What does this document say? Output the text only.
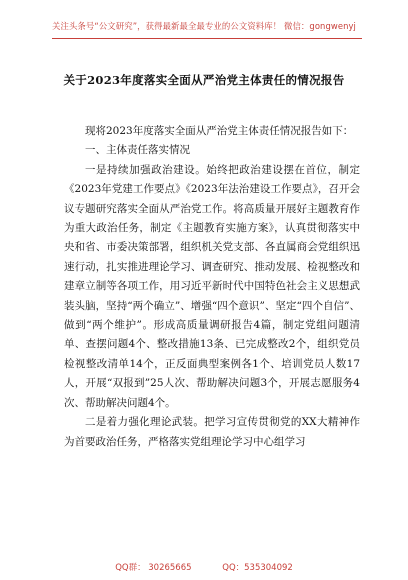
关注头条号“公文研究”，获得最新最全最专业的公文资料库！ 微信：gongwenyj
关于2023年度落实全面从严治党主体责任的情况报告

现将2023年度落实全面从严治党主体责任情况报告如下：

一、主体责任落实情况

一是持续加强政治建设。始终把政治建设摆在首位，制定《2023年党建工作要点》《2023年法治建设工作要点》，召开会议专题研究落实全面从严治党工作。将高质量开展好主题教育作为重大政治任务，制定《主题教育实施方案》，认真贯彻落实中央和省、市委决策部署，组织机关党支部、各直属商会党组织迅速行动，扎实推进理论学习、调查研究、推动发展、检视整改和建章立制等各项工作，用习近平新时代中国特色社会主义思想武装头脑，坚持“两个确立”、增强“四个意识”、坚定“四个自信”、做到“两个维护”。形成高质量调研报告4篇，制定党组问题清单、查摆问题4个、整改措施13条、已完成整改2个，组织党员检视整改清单14个，正反面典型案例各1个、培训党员人数17人，开展“双报到”25人次、帮助解决问题3个，开展志愿服务4次、帮助解决问题4个。

二是着力强化理论武装。把学习宣传贯彻党的XX大精神作为首要政治任务，严格落实党组理论学习中心组学习

QQ群： 30265665	QQ：535304092
